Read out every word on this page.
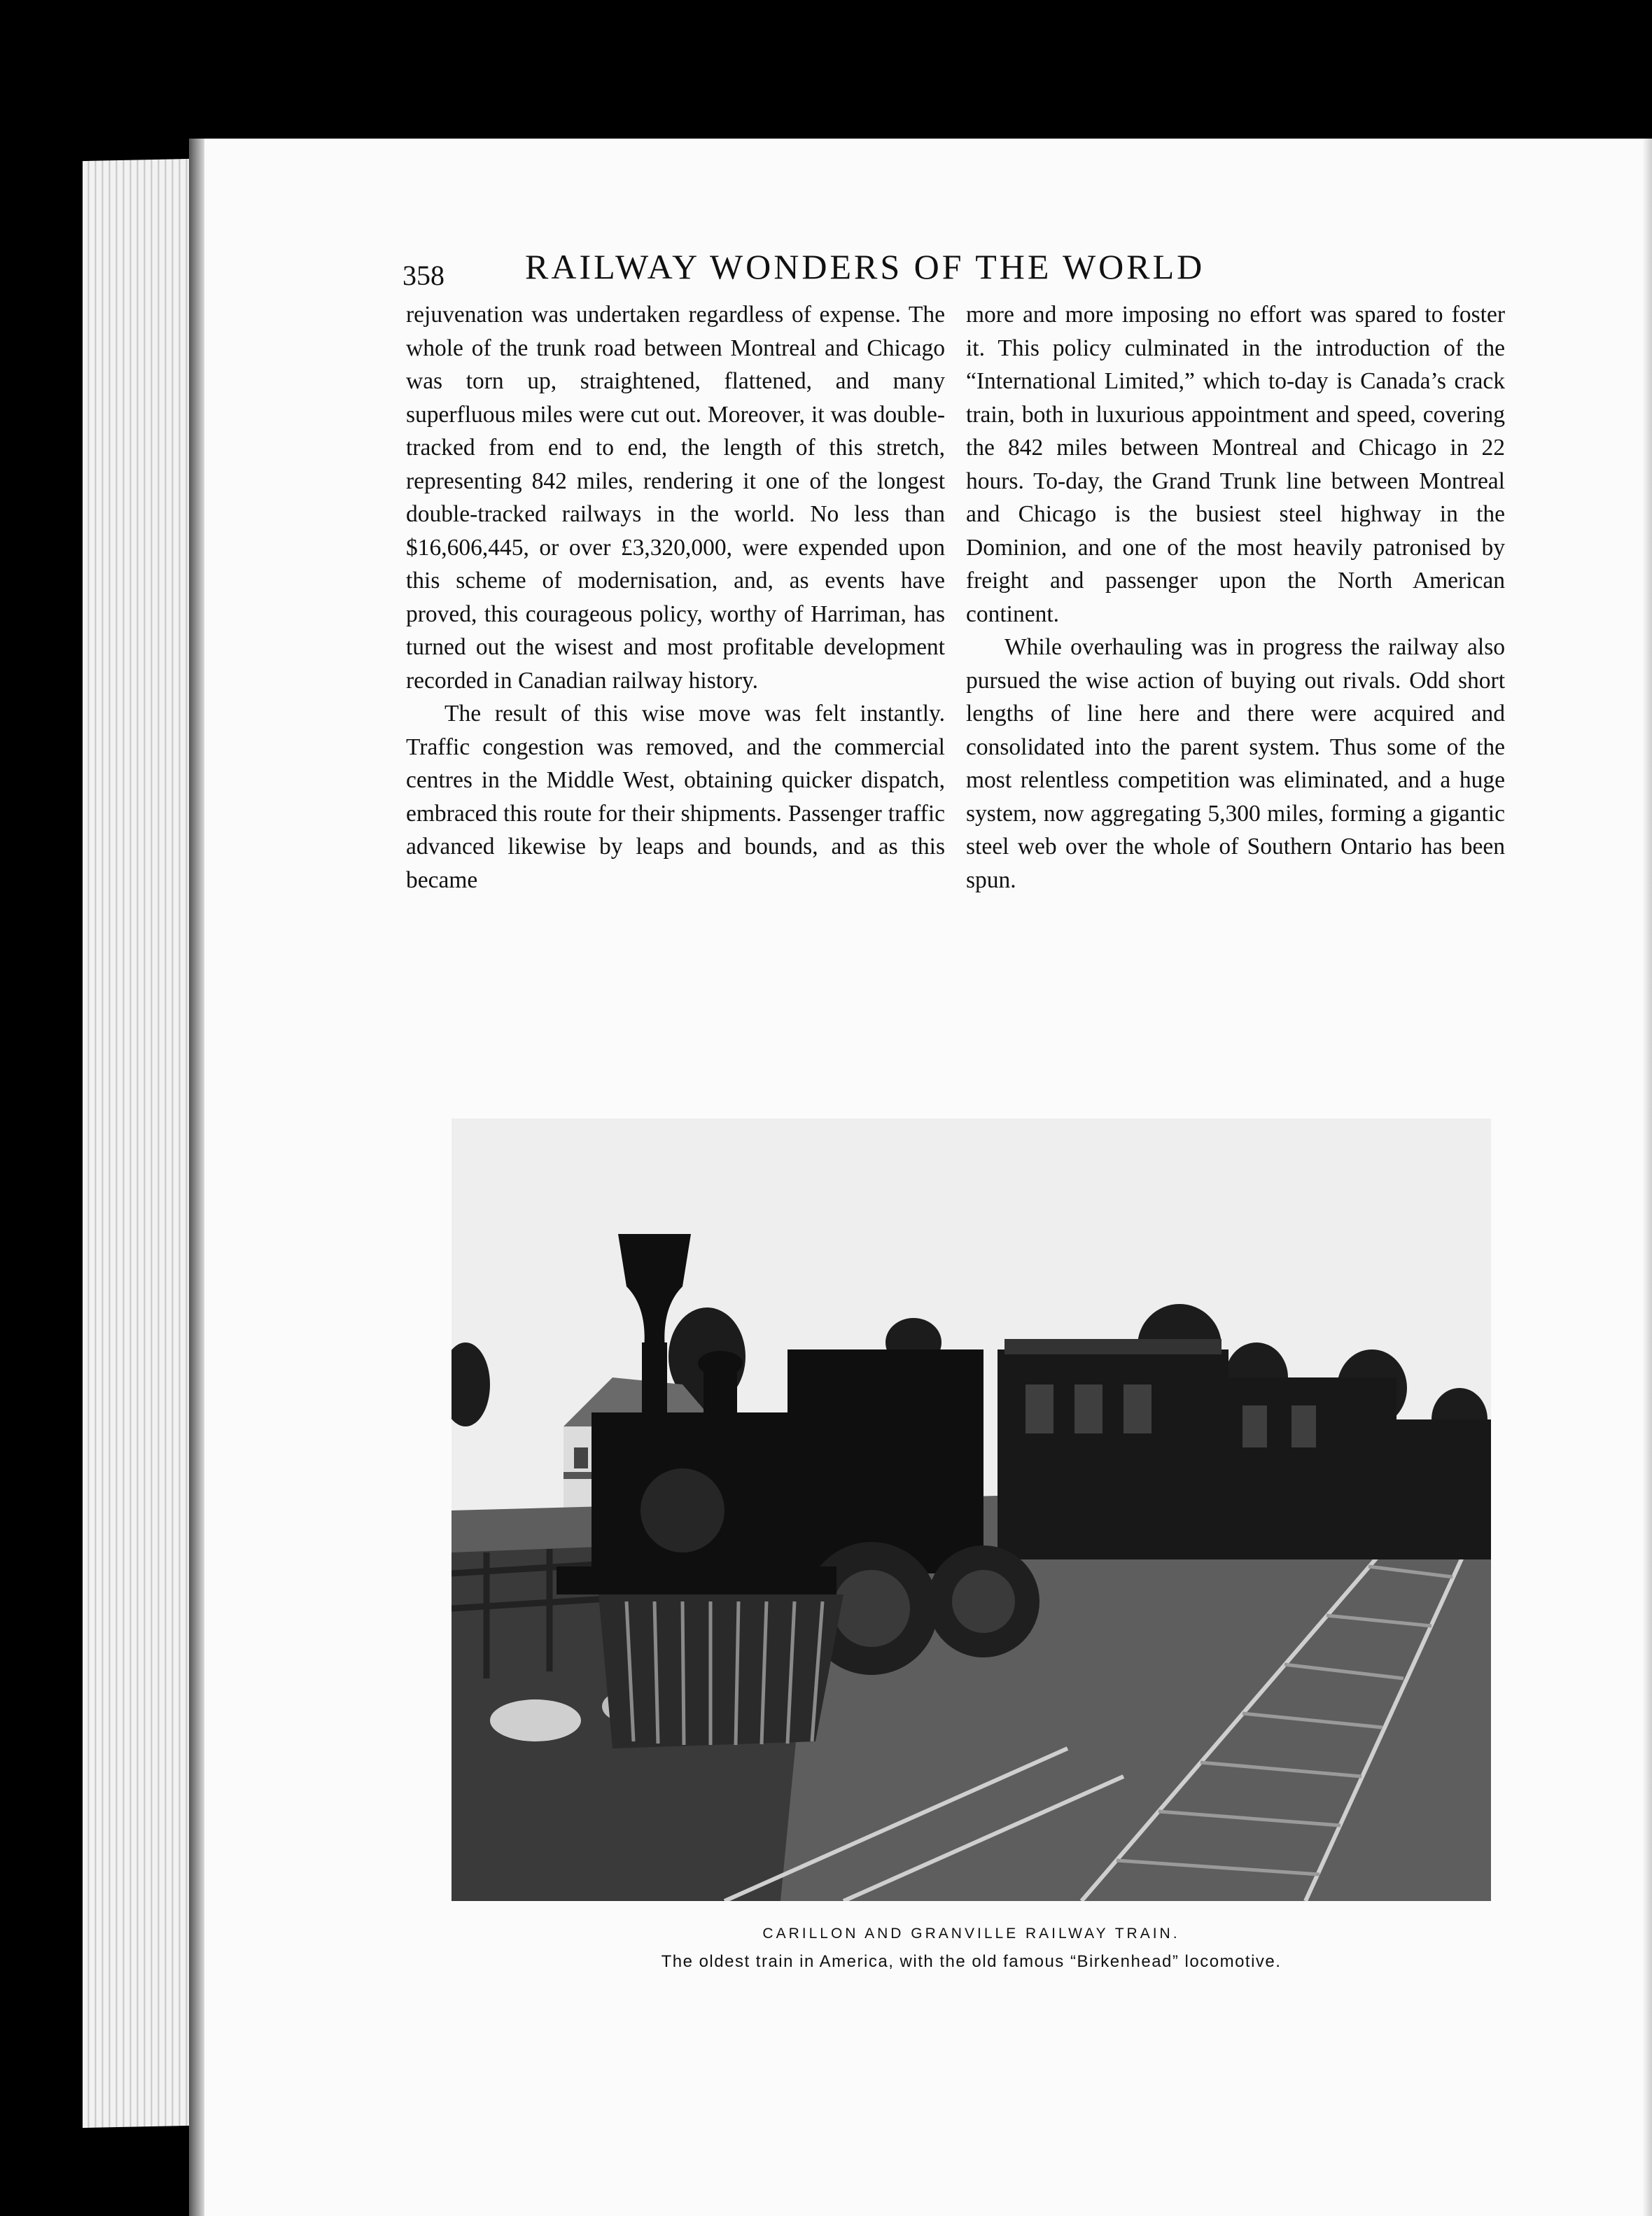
358 RAILWAY WONDERS OF THE WORLD

rejuvenation was undertaken regardless of expense. The whole of the trunk road between Montreal and Chicago was torn up, straightened, flattened, and many superfluous miles were cut out. Moreover, it was double-tracked from end to end, the length of this stretch, representing 842 miles, rendering it one of the longest double-tracked railways in the world. No less than $16,606,445, or over £3,320,000, were expended upon this scheme of modernisation, and, as events have proved, this courageous policy, worthy of Harriman, has turned out the wisest and most profitable development recorded in Canadian railway history.

The result of this wise move was felt instantly. Traffic congestion was removed, and the commercial centres in the Middle West, obtaining quicker dispatch, embraced this route for their shipments. Passenger traffic advanced likewise by leaps and bounds, and as this became

more and more imposing no effort was spared to foster it. This policy culminated in the introduction of the “International Limited,” which to-day is Canada’s crack train, both in luxurious appointment and speed, covering the 842 miles between Montreal and Chicago in 22 hours. To-day, the Grand Trunk line between Montreal and Chicago is the busiest steel highway in the Dominion, and one of the most heavily patronised by freight and passenger upon the North American continent.

While overhauling was in progress the railway also pursued the wise action of buying out rivals. Odd short lengths of line here and there were acquired and consolidated into the parent system. Thus some of the most relentless competition was eliminated, and a huge system, now aggregating 5,300 miles, forming a gigantic steel web over the whole of Southern Ontario has been spun.

CARILLON AND GRANVILLE RAILWAY TRAIN.
The oldest train in America, with the old famous “Birkenhead” locomotive.
